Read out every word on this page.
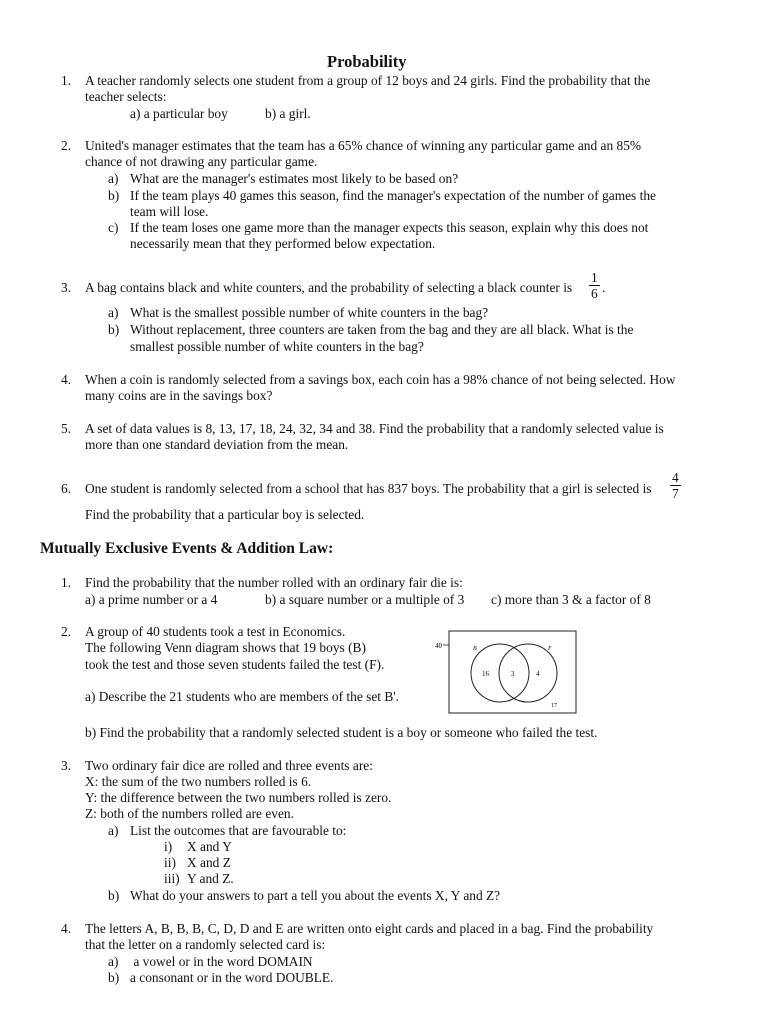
Probability
1. A teacher randomly selects one student from a group of 12 boys and 24 girls. Find the probability that the
teacher selects:
a) a particular boy	b) a girl.
2. United's manager estimates that the team has a 65% chance of winning any particular game and an 85%
chance of not drawing any particular game.
a) What are the manager's estimates most likely to be based on?
b) If the team plays 40 games this season, find the manager's expectation of the number of games the
team will lose.
c) If the team loses one game more than the manager expects this season, explain why this does not
necessarily mean that they performed below expectation.
3. A bag contains black and white counters, and the probability of selecting a black counter is $\frac{1}{6}$ .
a) What is the smallest possible number of white counters in the bag?
b) Without replacement, three counters are taken from the bag and they are all black. What is the
smallest possible number of white counters in the bag?
4. When a coin is randomly selected from a savings box, each coin has a 98% chance of not being selected. How
many coins are in the savings box?
5. A set of data values is 8, 13, 17, 18, 24, 32, 34 and 38. Find the probability that a randomly selected value is
more than one standard deviation from the mean.
6. One student is randomly selected from a school that has 837 boys. The probability that a girl is selected is $\frac{4}{7}$
Find the probability that a particular boy is selected.
Mutually Exclusive Events & Addition Law:
1. Find the probability that the number rolled with an ordinary fair die is:
a) a prime number or a 4	b) a square number or a multiple of 3 c) more than 3 & a factor of 8
2. A group of 40 students took a test in Economics.
The following Venn diagram shows that 19 boys (B)
took the test and those seven students failed the test (F).
a) Describe the 21 students who are members of the set B'.
b) Find the probability that a randomly selected student is a boy or someone who failed the test.
40	B	F
16	3	4
17
3. Two ordinary fair dice are rolled and three events are:
X: the sum of the two numbers rolled is 6.
Y: the difference between the two numbers rolled is zero.
Z: both of the numbers rolled are even.
a) List the outcomes that are favourable to:
i) X and Y
ii) X and Z
iii) Y and Z.
b) What do your answers to part a tell you about the events X, Y and Z?
4. The letters A, B, B, B, C, D, D and E are written onto eight cards and placed in a bag. Find the probability
that the letter on a randomly selected card is:
a) a vowel or in the word DOMAIN
b) a consonant or in the word DOUBLE.
